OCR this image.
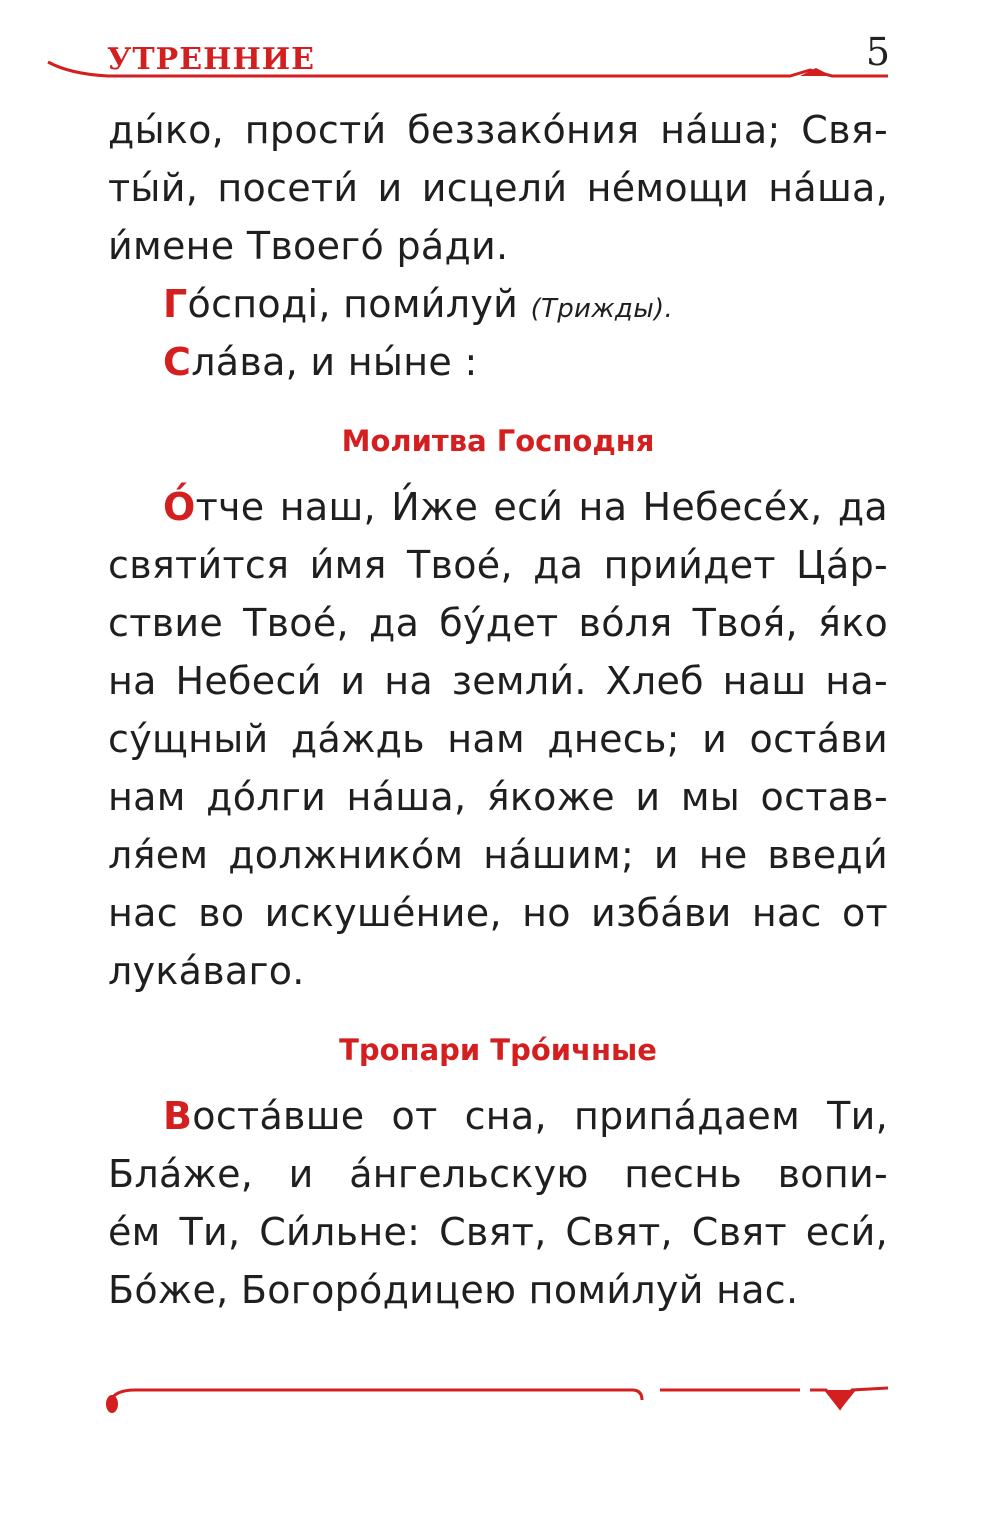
УТРЕННИЕ	5
ды́ко, прости́ беззако́ния на́ша; Свя-
ты́й, посети́ и исцели́ не́мощи на́ша,
и́мене Твоего́ ра́ди.
Го́сподi, поми́луй (Трижды).
Сла́ва, и ны́не :
Молитва Господня
О́тче наш, И́же еси́ на Небесе́х, да
святи́тся и́мя Твое́, да прии́дет Ца́р-
ствие Твое́, да бу́дет во́ля Твоя́, я́ко
на Небеси́ и на земли́. Хлеб наш на-
су́щный да́ждь нам днесь; и оста́ви
нам до́лги на́ша, я́коже и мы остав-
ля́ем должнико́м на́шим; и не введи́
нас во искуше́ние, но изба́ви нас от
лука́ваго.
Тропари Тро́ичные
Воста́вше от сна, припа́даем Ти,
Бла́же, и а́нгельскую песнь вопи-
е́м Ти, Си́льне: Свят, Свят, Свят еси́,
Бо́же, Богоро́дицею поми́луй нас.
